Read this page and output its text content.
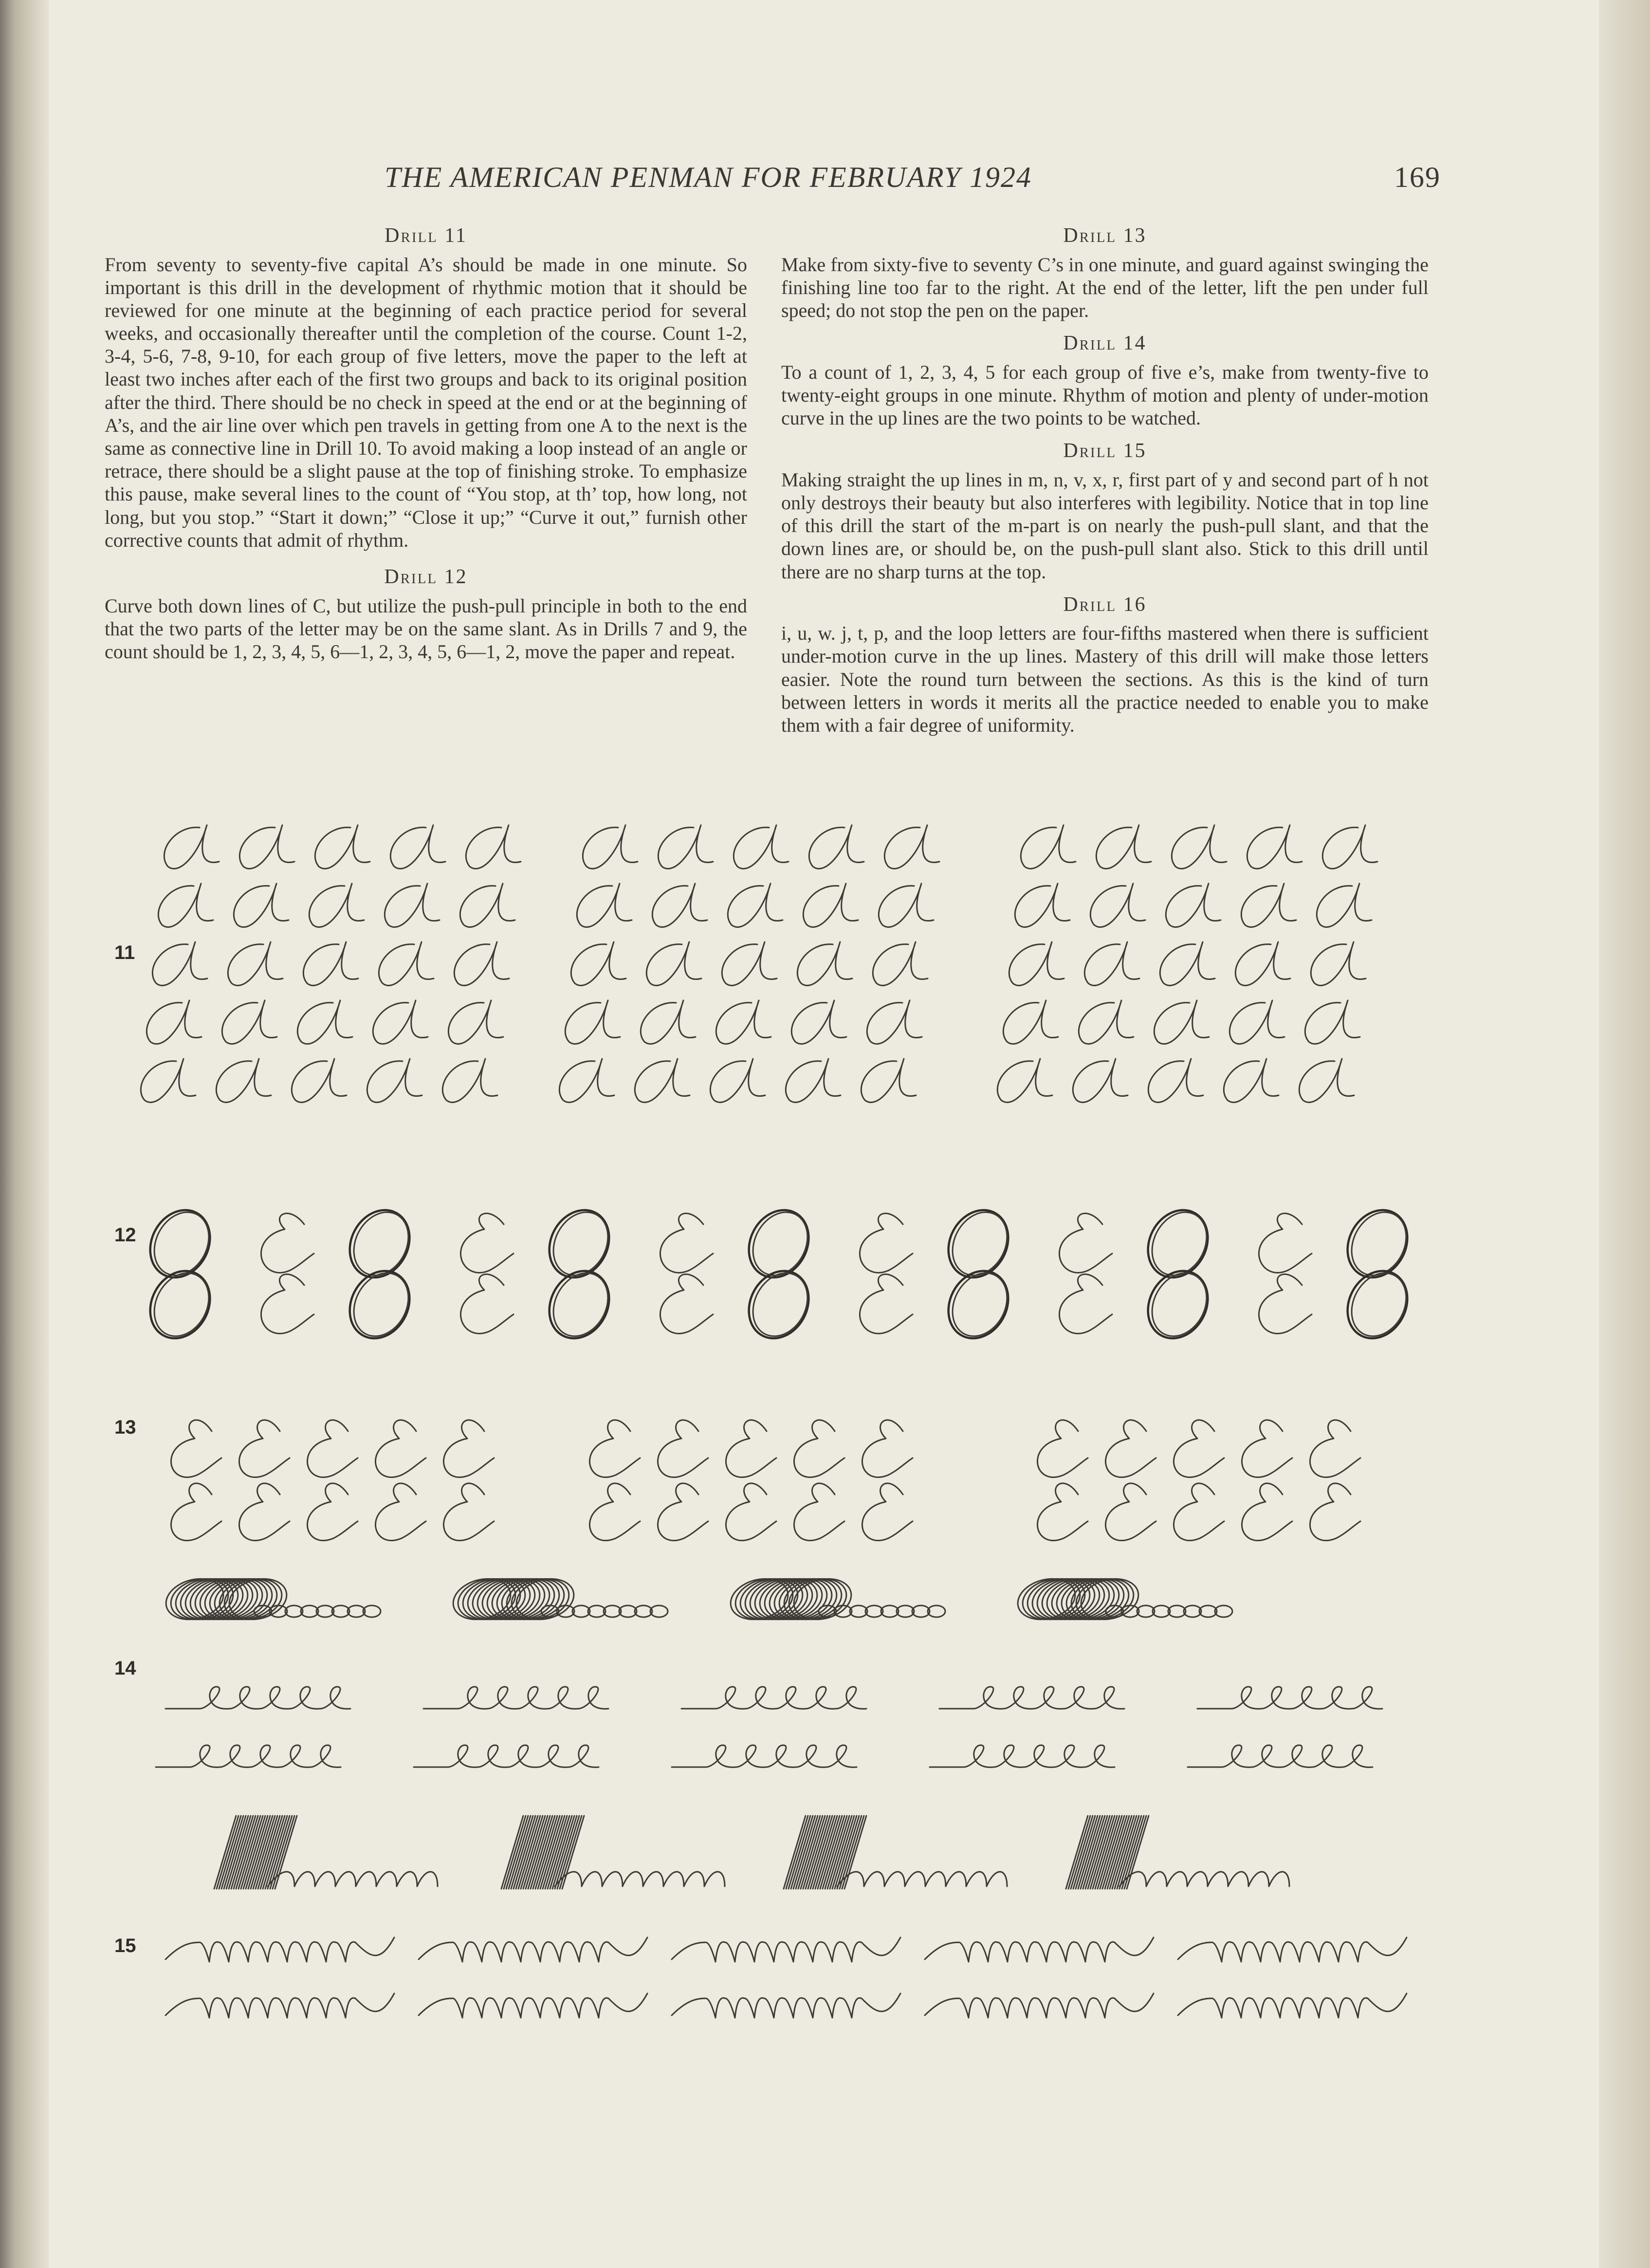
THE AMERICAN PENMAN FOR FEBRUARY 1924	169
Drill 11
From seventy to seventy-five capital A’s should be made in one minute. So important is this drill in the development of rhythmic motion that it should be reviewed for one minute at the beginning of each practice period for several weeks, and occasionally thereafter until the completion of the course. Count 1-2, 3-4, 5-6, 7-8, 9-10, for each group of five letters, move the paper to the left at least two inches after each of the first two groups and back to its original position after the third. There should be no check in speed at the end or at the beginning of A’s, and the air line over which pen travels in getting from one A to the next is the same as connective line in Drill 10. To avoid making a loop instead of an angle or retrace, there should be a slight pause at the top of finishing stroke. To emphasize this pause, make several lines to the count of “You stop, at th’ top, how long, not long, but you stop.” “Start it down;” “Close it up;” “Curve it out,” furnish other corrective counts that admit of rhythm.
Drill 12
Curve both down lines of C, but utilize the push-pull principle in both to the end that the two parts of the letter may be on the same slant. As in Drills 7 and 9, the count should be 1, 2, 3, 4, 5, 6—1, 2, 3, 4, 5, 6—1, 2, move the paper and repeat.
Drill 13
Make from sixty-five to seventy C’s in one minute, and guard against swinging the finishing line too far to the right. At the end of the letter, lift the pen under full speed; do not stop the pen on the paper.
Drill 14
To a count of 1, 2, 3, 4, 5 for each group of five e’s, make from twenty-five to twenty-eight groups in one minute. Rhythm of motion and plenty of under-motion curve in the up lines are the two points to be watched.
Drill 15
Making straight the up lines in m, n, v, x, r, first part of y and second part of h not only destroys their beauty but also interferes with legibility. Notice that in top line of this drill the start of the m-part is on nearly the push-pull slant, and that the down lines are, or should be, on the push-pull slant also. Stick to this drill until there are no sharp turns at the top.
Drill 16
i, u, w. j, t, p, and the loop letters are four-fifths mastered when there is sufficient under-motion curve in the up lines. Mastery of this drill will make those letters easier. Note the round turn between the sections. As this is the kind of turn between letters in words it merits all the practice needed to enable you to make them with a fair degree of uniformity.
11
12
13
14
15
